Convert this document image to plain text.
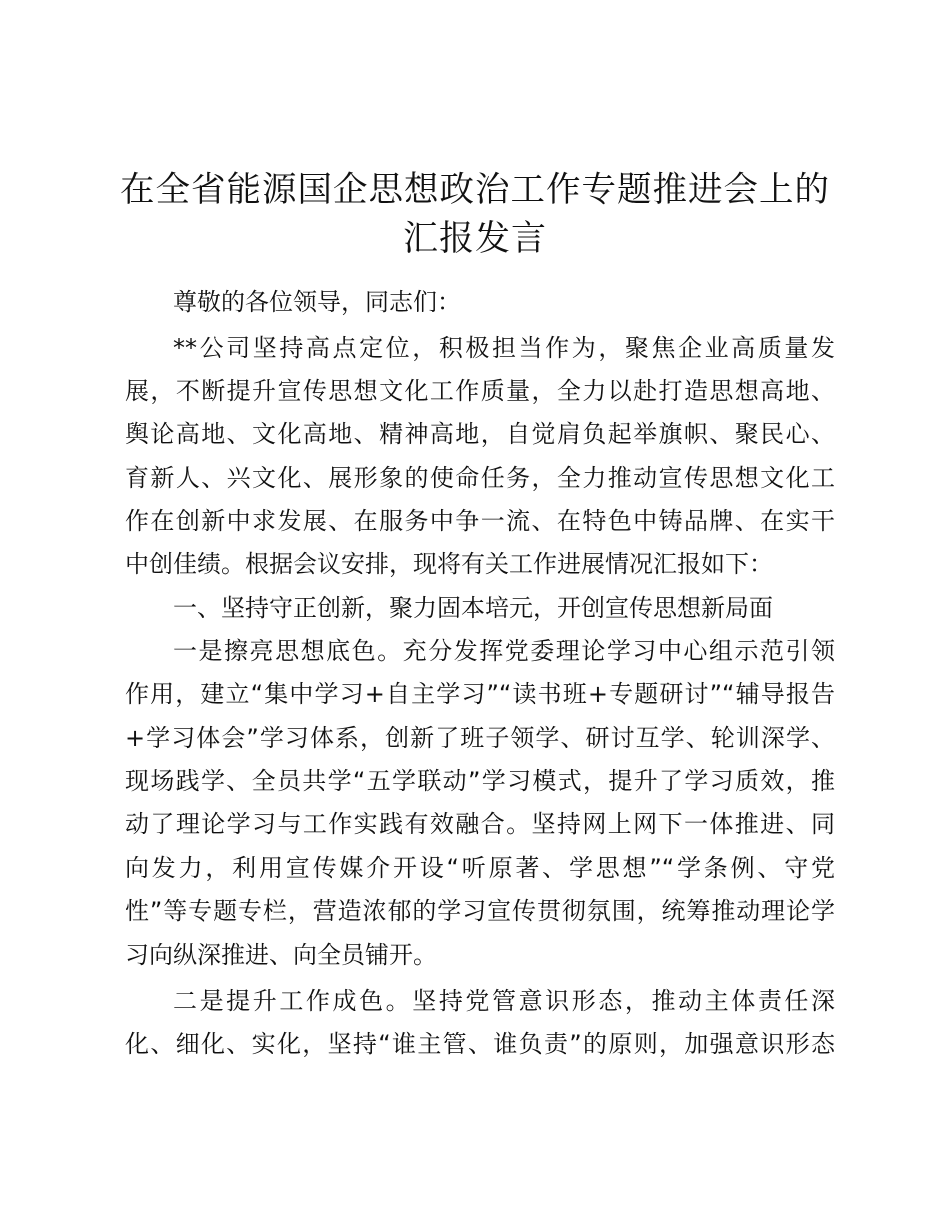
在全省能源国企思想政治工作专题推进会上的
汇报发言
尊敬的各位领导，同志们：
**公司坚持高点定位，积极担当作为，聚焦企业高质量发
展，不断提升宣传思想文化工作质量，全力以赴打造思想高地、
舆论高地、文化高地、精神高地，自觉肩负起举旗帜、聚民心、
育新人、兴文化、展形象的使命任务，全力推动宣传思想文化工
作在创新中求发展、在服务中争一流、在特色中铸品牌、在实干
中创佳绩。根据会议安排，现将有关工作进展情况汇报如下：
一、坚持守正创新，聚力固本培元，开创宣传思想新局面
一是擦亮思想底色。充分发挥党委理论学习中心组示范引领
作用，建立“集中学习+自主学习”“读书班+专题研讨”“辅导报告
+学习体会”学习体系，创新了班子领学、研讨互学、轮训深学、
现场践学、全员共学“五学联动”学习模式，提升了学习质效，推
动了理论学习与工作实践有效融合。坚持网上网下一体推进、同
向发力，利用宣传媒介开设“听原著、学思想”“学条例、守党
性”等专题专栏，营造浓郁的学习宣传贯彻氛围，统筹推动理论学
习向纵深推进、向全员铺开。
二是提升工作成色。坚持党管意识形态，推动主体责任深
化、细化、实化，坚持“谁主管、谁负责”的原则，加强意识形态
